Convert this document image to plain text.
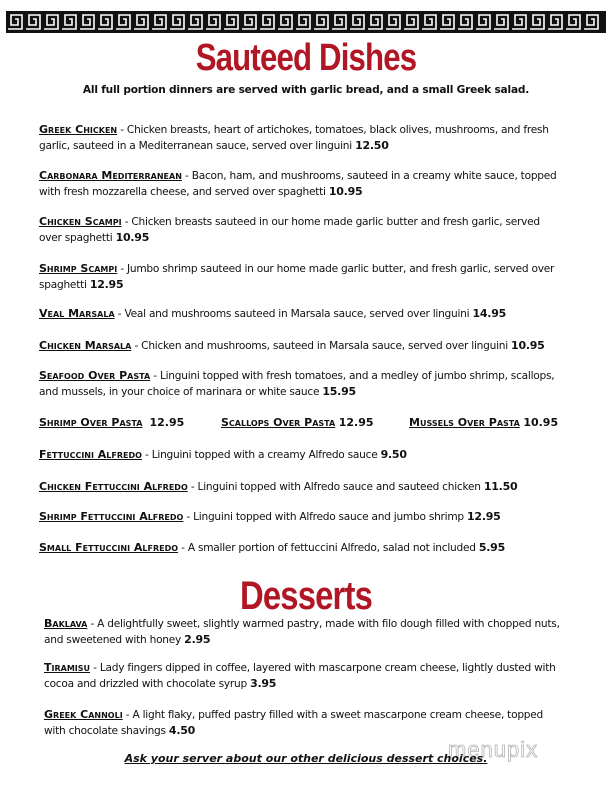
Sauteed Dishes
All full portion dinners are served with garlic bread, and a small Greek salad.
Greek Chicken - Chicken breasts, heart of artichokes, tomatoes, black olives, mushrooms, and fresh garlic, sauteed in a Mediterranean sauce, served over linguini 12.50
Carbonara Mediterranean - Bacon, ham, and mushrooms, sauteed in a creamy white sauce, topped with fresh mozzarella cheese, and served over spaghetti 10.95
Chicken Scampi - Chicken breasts sauteed in our home made garlic butter and fresh garlic, served over spaghetti 10.95
Shrimp Scampi - Jumbo shrimp sauteed in our home made garlic butter, and fresh garlic, served over spaghetti 12.95
Veal Marsala - Veal and mushrooms sauteed in Marsala sauce, served over linguini 14.95
Chicken Marsala - Chicken and mushrooms, sauteed in Marsala sauce, served over linguini 10.95
Seafood Over Pasta - Linguini topped with fresh tomatoes, and a medley of jumbo shrimp, scallops, and mussels, in your choice of marinara or white sauce 15.95
Shrimp Over Pasta 12.95	Scallops Over Pasta 12.95	Mussels Over Pasta 10.95
Fettuccini Alfredo - Linguini topped with a creamy Alfredo sauce 9.50
Chicken Fettuccini Alfredo - Linguini topped with Alfredo sauce and sauteed chicken 11.50
Shrimp Fettuccini Alfredo - Linguini topped with Alfredo sauce and jumbo shrimp 12.95
Small Fettuccini Alfredo - A smaller portion of fettuccini Alfredo, salad not included 5.95
Desserts
Baklava - A delightfully sweet, slightly warmed pastry, made with filo dough filled with chopped nuts, and sweetened with honey 2.95
Tiramisu - Lady fingers dipped in coffee, layered with mascarpone cream cheese, lightly dusted with cocoa and drizzled with chocolate syrup 3.95
Greek Cannoli - A light flaky, puffed pastry filled with a sweet mascarpone cream cheese, topped with chocolate shavings 4.50
menupix
Ask your server about our other delicious dessert choices.
